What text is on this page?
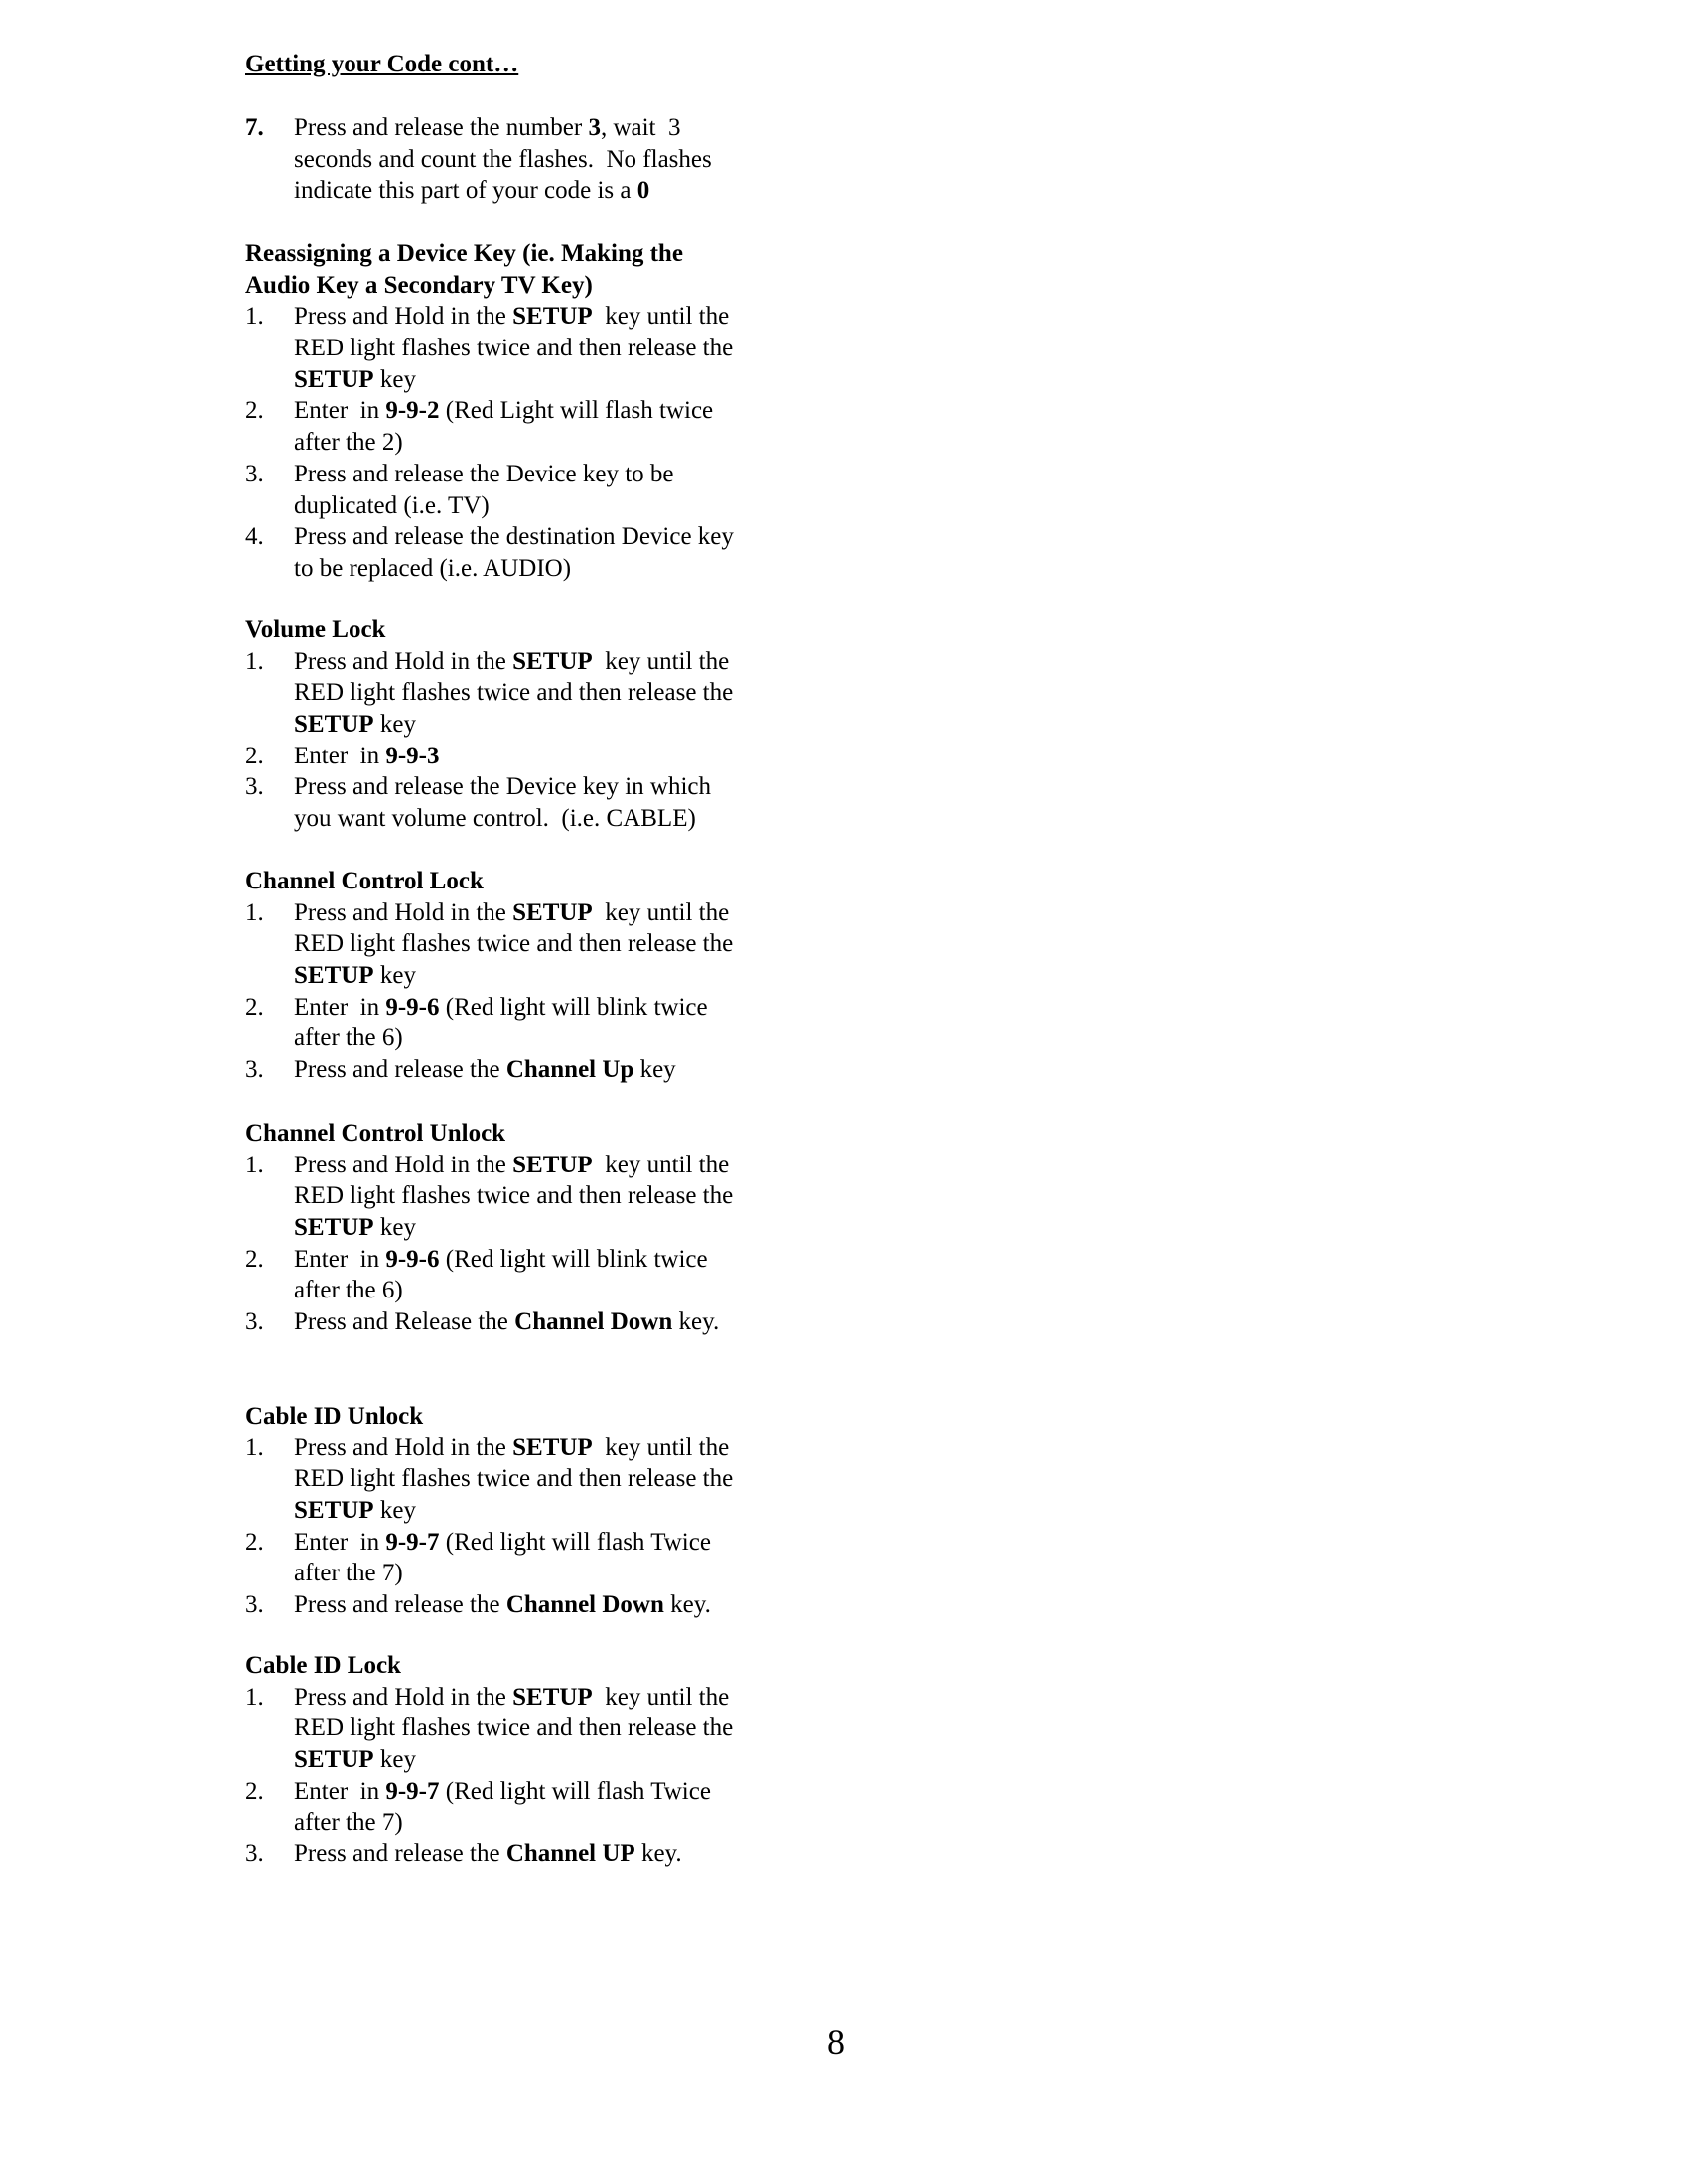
Getting your Code cont…
7. Press and release the number 3, wait  3
seconds and count the flashes.  No flashes
indicate this part of your code is a 0
Reassigning a Device Key (ie. Making the
Audio Key a Secondary TV Key)
1. Press and Hold in the SETUP  key until the
RED light flashes twice and then release the
SETUP key
2. Enter  in 9-9-2 (Red Light will flash twice
after the 2)
3. Press and release the Device key to be
duplicated (i.e. TV)
4. Press and release the destination Device key
to be replaced (i.e. AUDIO)
Volume Lock
1. Press and Hold in the SETUP  key until the
RED light flashes twice and then release the
SETUP key
2. Enter  in 9-9-3
3. Press and release the Device key in which
you want volume control.  (i.e. CABLE)
Channel Control Lock
1. Press and Hold in the SETUP  key until the
RED light flashes twice and then release the
SETUP key
2. Enter  in 9-9-6 (Red light will blink twice
after the 6)
3. Press and release the Channel Up key
Channel Control Unlock
1. Press and Hold in the SETUP  key until the
RED light flashes twice and then release the
SETUP key
2. Enter  in 9-9-6 (Red light will blink twice
after the 6)
3. Press and Release the Channel Down key.
Cable ID Unlock
1. Press and Hold in the SETUP  key until the
RED light flashes twice and then release the
SETUP key
2. Enter  in 9-9-7 (Red light will flash Twice
after the 7)
3. Press and release the Channel Down key.
Cable ID Lock
1. Press and Hold in the SETUP  key until the
RED light flashes twice and then release the
SETUP key
2. Enter  in 9-9-7 (Red light will flash Twice
after the 7)
3. Press and release the Channel UP key.
8
